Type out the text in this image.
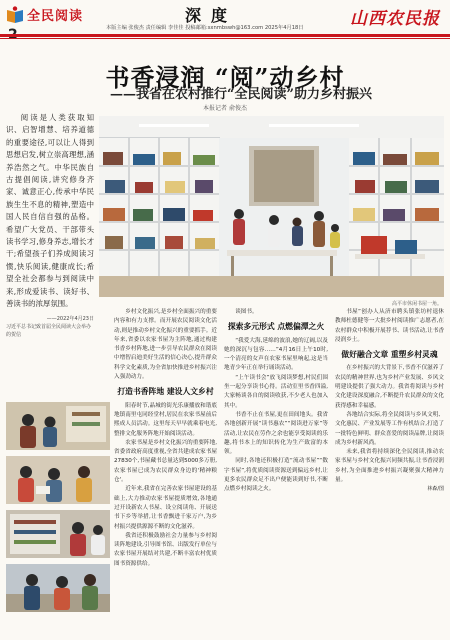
全民阅读	深度
本版主编 张俊杰 责任编辑 李佳佳 投稿邮箱:sxnmbswh@163.com 2025年4月18日	山西农民报
书香浸润 “阅”动乡村
——我省在农村推行“全民阅读”助力乡村振兴
本报记者 俞俊杰

阅读是人类获取知识、启智增慧、培养道德的重要途径,可以让人得到思想启发,树立崇高理想,涵养浩然之气。中华民族自古提倡阅读,讲究修身齐家、诚意正心,传承中华民族生生不息的精神,塑造中国人民自信自强的品格。希望广大党员、干部带头读书学习,修身养志,增长才干;希望孩子们养成阅读习惯,快乐阅读,健康成长;希望全社会都参与到阅读中来,形成爱读书、读好书、善读书的浓厚氛围。

——2022年4月23日
习近平总书记致首届全民阅读大会举办的贺信
高平市休闲书屋一角。

乡村文化振兴,是乡村全面振兴的重要内容和有力支撑。而开展农民阅读文化活动,则是推动乡村文化振兴的重要抓手。近年来,省委以农家书屋为主阵地,通过构建书香乡村阵地,进一步引导农民群众在阅读中增智启迪美好生活的信心决心,提升群众科学文化素质,为全省加快推进乡村振兴注入强劲动力。

打造书香阵地 建设人文乡村

阳春时节,晶城的街光乐康播放和谐底地镇南里屯同经堂村,居民在农家书屋前后熙成人员活动。这里每天早早就乘着电光,整排文化服务阵地开始阅读活动。

农家书屋是乡村文化振兴的重要阵地,省委省政府高度重视,全省共建成农家书屋27830个,书屋藏书总量达到5000多万册,农家书屋已成为农民群众身边的'精神粮仓'。

近年来,我省在完善农家书屋建设的基础上,大力推动农家书屋提质增效,各地通过开设新农人书屋、设立阅读角、开展送书下乡等举措,让书香飘进千家万户,为乡村振兴提供源源不断的文化滋养。

我省还积极鼓励社会力量参与乡村阅读阵地建设,引导图书馆、出版发行单位与农家书屋开展结对共建,不断丰富农村优质图书资源供给。

谈图书。

探索多元形式 点燃偏潭之火

“我爱大海,延绵的波浪,她的辽阔,以及她的深沉与包容……”4月16日上午10时,一个清亮的女声在农家书屋里响起,这是当地青少年正在举行诵读活动。

“上午读书会”放飞阅读梦想,村民们围坐一起分享读书心得。活动室里书香四溢,大家畅谈各自的阅读收获,不少老人也加入其中。

书香不止在书屋,更在田间地头。我省各地创新开展“读书惠农”“阅读进万家”等活动,让农民在劳作之余也能享受阅读的乐趣,将书本上的知识转化为生产致富的本领。

同时,各地还积极打造“流动书屋”“数字书屋”,将优质阅读资源送到偏远乡村,让更多农民群众足不出户便能读到好书,不断点燃乡村阅读之火。

书屋”创办人从济市聘头镇张坊村退休教师杜德健等一大批乡村阅读推广志愿者,在农村群众中积极开展荐书、读书活动,让书香浸润乡土。

做好融合文章 重塑乡村灵魂

在乡村振兴的大背景下,书香不仅滋养了农民的精神世界,也为乡村产业发展、乡风文明建设提供了强大动力。我省将阅读与乡村文化建设深度融合,不断提升农民群众的文化获得感和幸福感。

各地结合实际,将全民阅读与乡风文明、文化惠民、产业发展等工作有机结合,打造了一批特色鲜明、群众喜爱的阅读品牌,让阅读成为乡村新风尚。

未来,我省将持续深化全民阅读,推动农家书屋与乡村文化振兴同频共振,让书香浸润乡村,为全面推进乡村振兴凝聚强大精神力量。

林森/图
